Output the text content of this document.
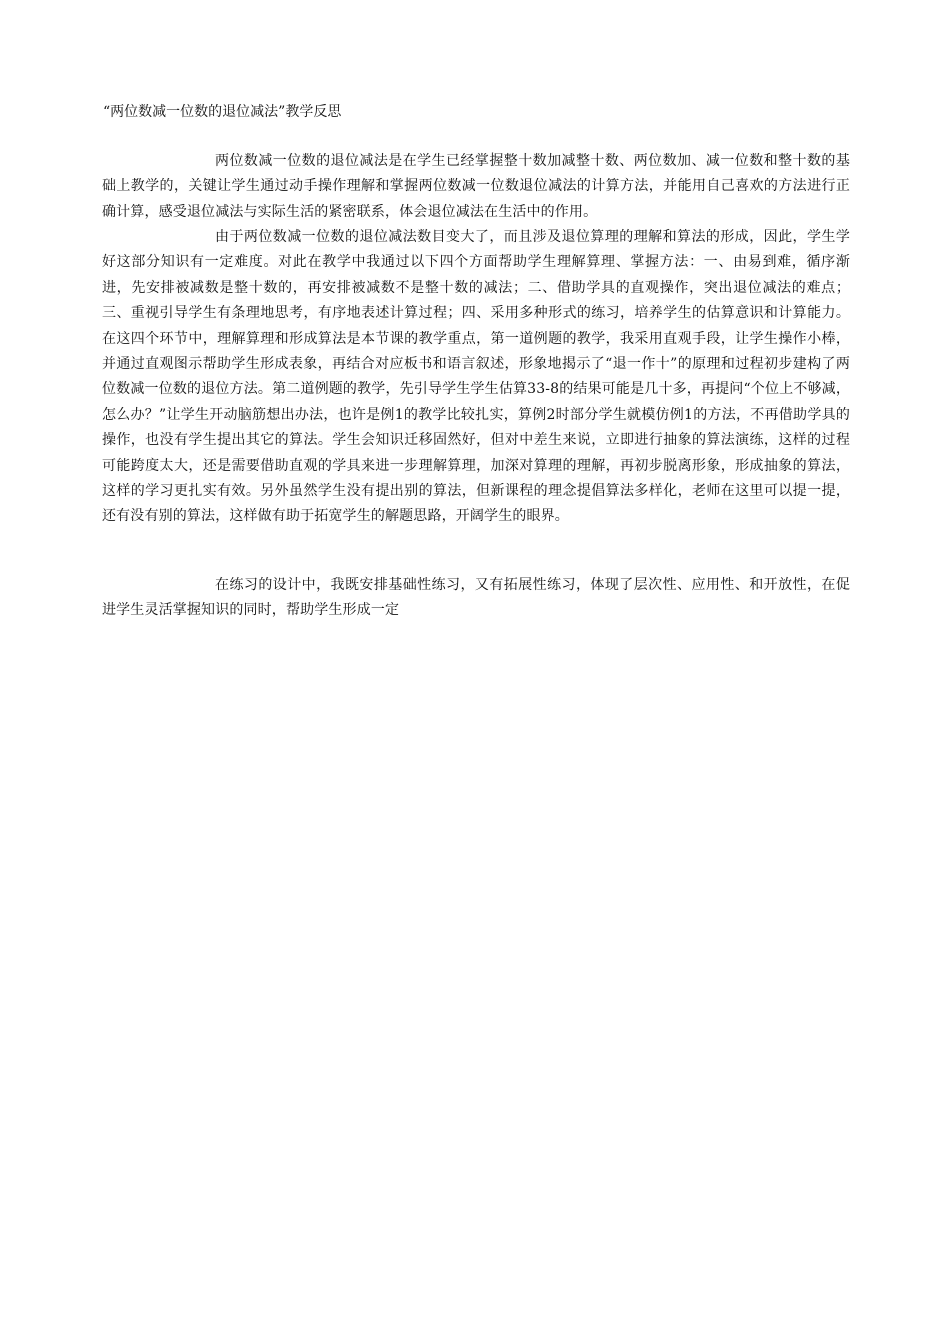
“两位数减一位数的退位减法”教学反思

两位数减一位数的退位减法是在学生已经掌握整十数加减整十数、两位数加、减一位数和整十数的基础上教学的，关键让学生通过动手操作理解和掌握两位数减一位数退位减法的计算方法，并能用自己喜欢的方法进行正确计算，感受退位减法与实际生活的紧密联系，体会退位减法在生活中的作用。

由于两位数减一位数的退位减法数目变大了，而且涉及退位算理的理解和算法的形成，因此，学生学好这部分知识有一定难度。对此在教学中我通过以下四个方面帮助学生理解算理、掌握方法：一、由易到难，循序渐进，先安排被减数是整十数的，再安排被减数不是整十数的减法；二、借助学具的直观操作，突出退位减法的难点；三、重视引导学生有条理地思考，有序地表述计算过程；四、采用多种形式的练习，培养学生的估算意识和计算能力。在这四个环节中，理解算理和形成算法是本节课的教学重点，第一道例题的教学，我采用直观手段，让学生操作小棒，并通过直观图示帮助学生形成表象，再结合对应板书和语言叙述，形象地揭示了“退一作十”的原理和过程初步建构了两位数减一位数的退位方法。第二道例题的教学，先引导学生学生估算33-8的结果可能是几十多，再提问“个位上不够减，怎么办？”让学生开动脑筋想出办法，也许是例1的教学比较扎实，算例2时部分学生就模仿例1的方法，不再借助学具的操作，也没有学生提出其它的算法。学生会知识迁移固然好，但对中差生来说，立即进行抽象的算法演练，这样的过程可能跨度太大，还是需要借助直观的学具来进一步理解算理，加深对算理的理解，再初步脱离形象，形成抽象的算法，这样的学习更扎实有效。另外虽然学生没有提出别的算法，但新课程的理念提倡算法多样化，老师在这里可以提一提，还有没有别的算法，这样做有助于拓宽学生的解题思路，开阔学生的眼界。

在练习的设计中，我既安排基础性练习，又有拓展性练习，体现了层次性、应用性、和开放性，在促进学生灵活掌握知识的同时，帮助学生形成一定
